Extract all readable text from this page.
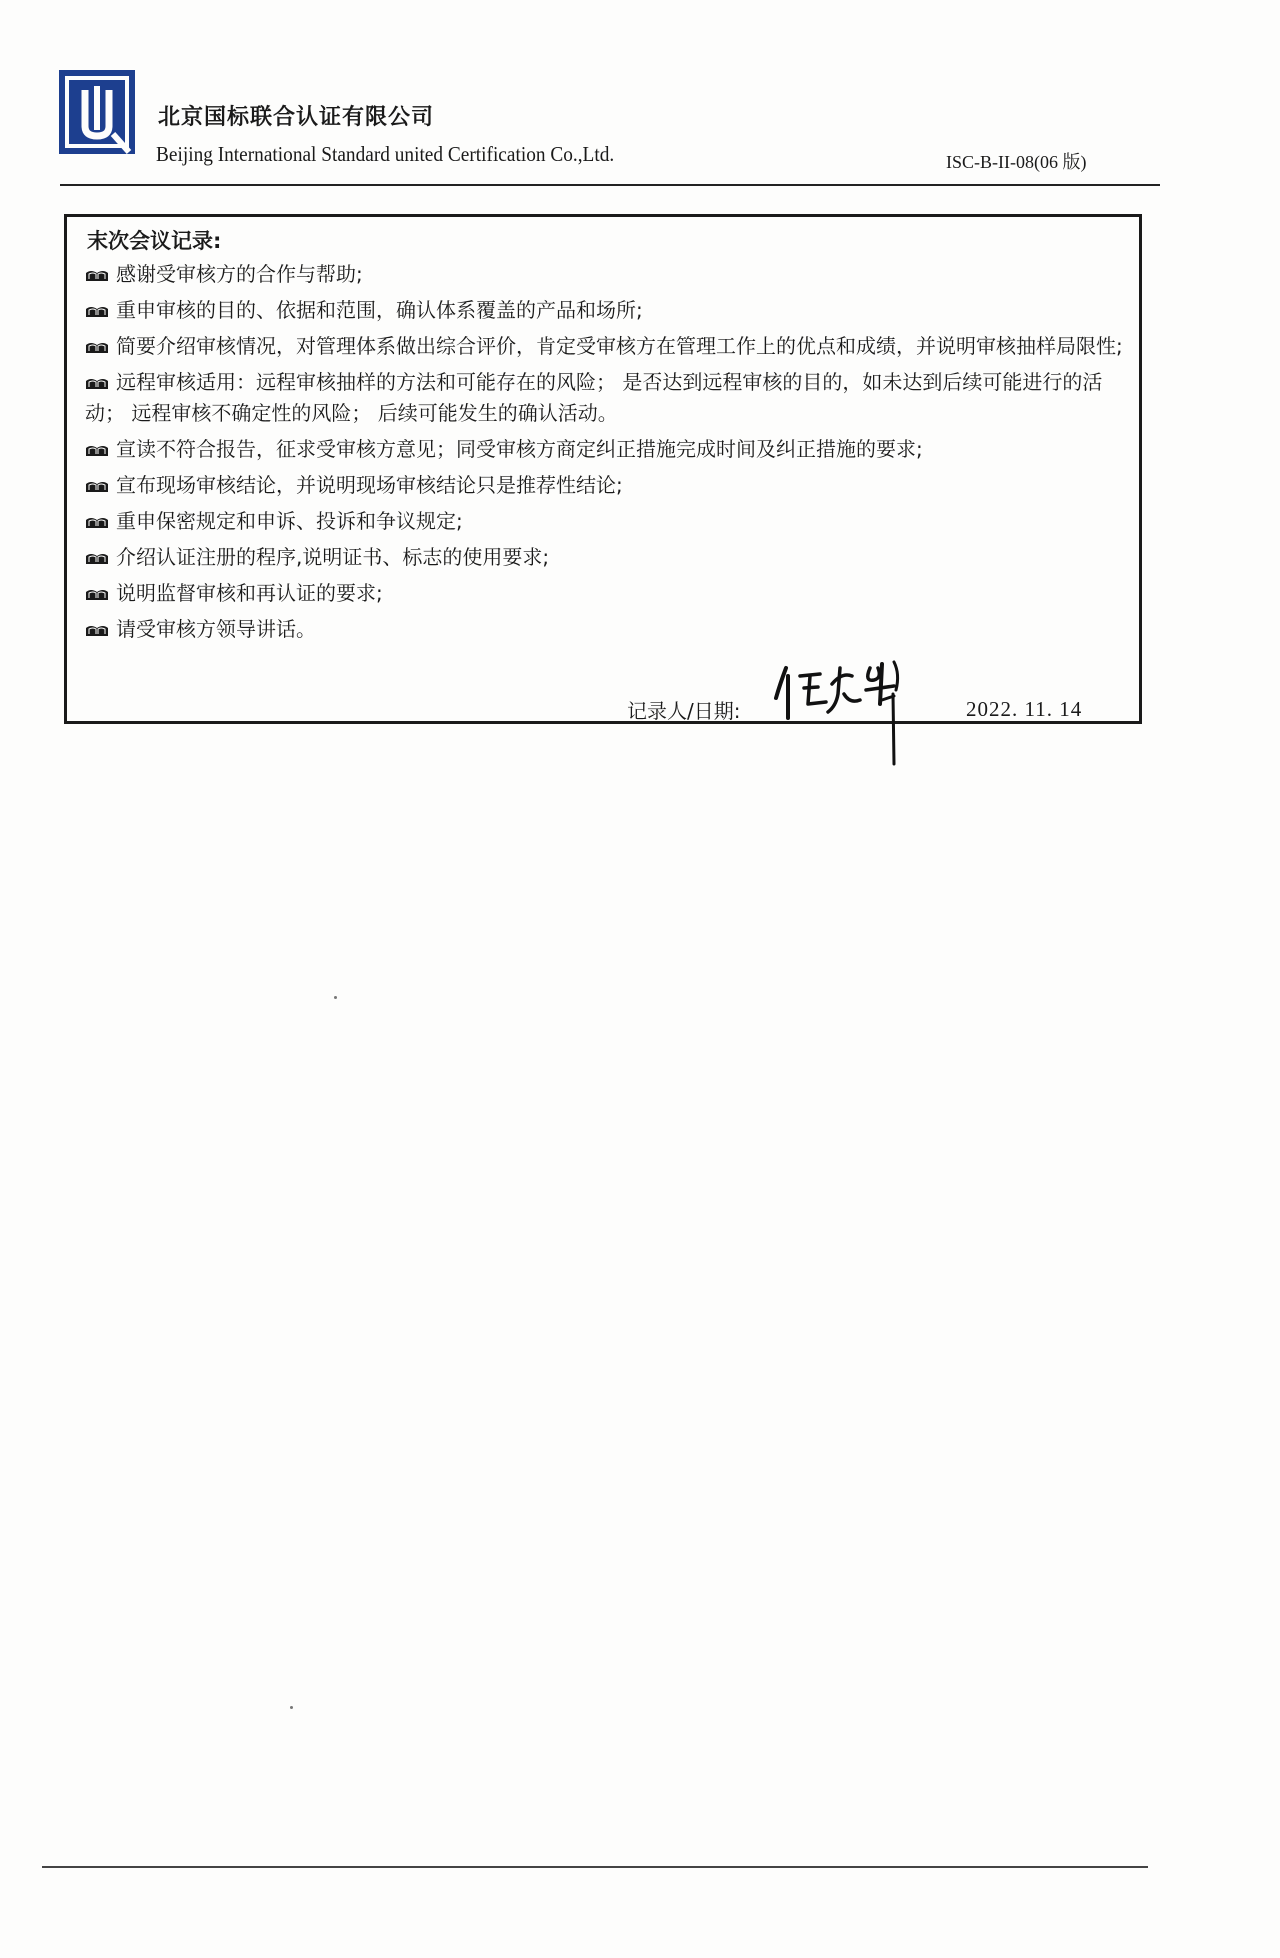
北京国标联合认证有限公司
Beijing International Standard united Certification Co.,Ltd.	ISC-B-II-08(06 版)
末次会议记录:
感谢受审核方的合作与帮助;
重申审核的目的、依据和范围，确认体系覆盖的产品和场所;
简要介绍审核情况，对管理体系做出综合评价，肯定受审核方在管理工作上的优点和成绩，并说明审核抽样局限性;
远程审核适用：远程审核抽样的方法和可能存在的风险； 是否达到远程审核的目的，如未达到后续可能进行的活动； 远程审核不确定性的风险； 后续可能发生的确认活动。
宣读不符合报告，征求受审核方意见；同受审核方商定纠正措施完成时间及纠正措施的要求;
宣布现场审核结论，并说明现场审核结论只是推荐性结论;
重申保密规定和申诉、投诉和争议规定;
介绍认证注册的程序,说明证书、标志的使用要求;
说明监督审核和再认证的要求;
请受审核方领导讲话。
记录人/日期:	2022. 11. 14
